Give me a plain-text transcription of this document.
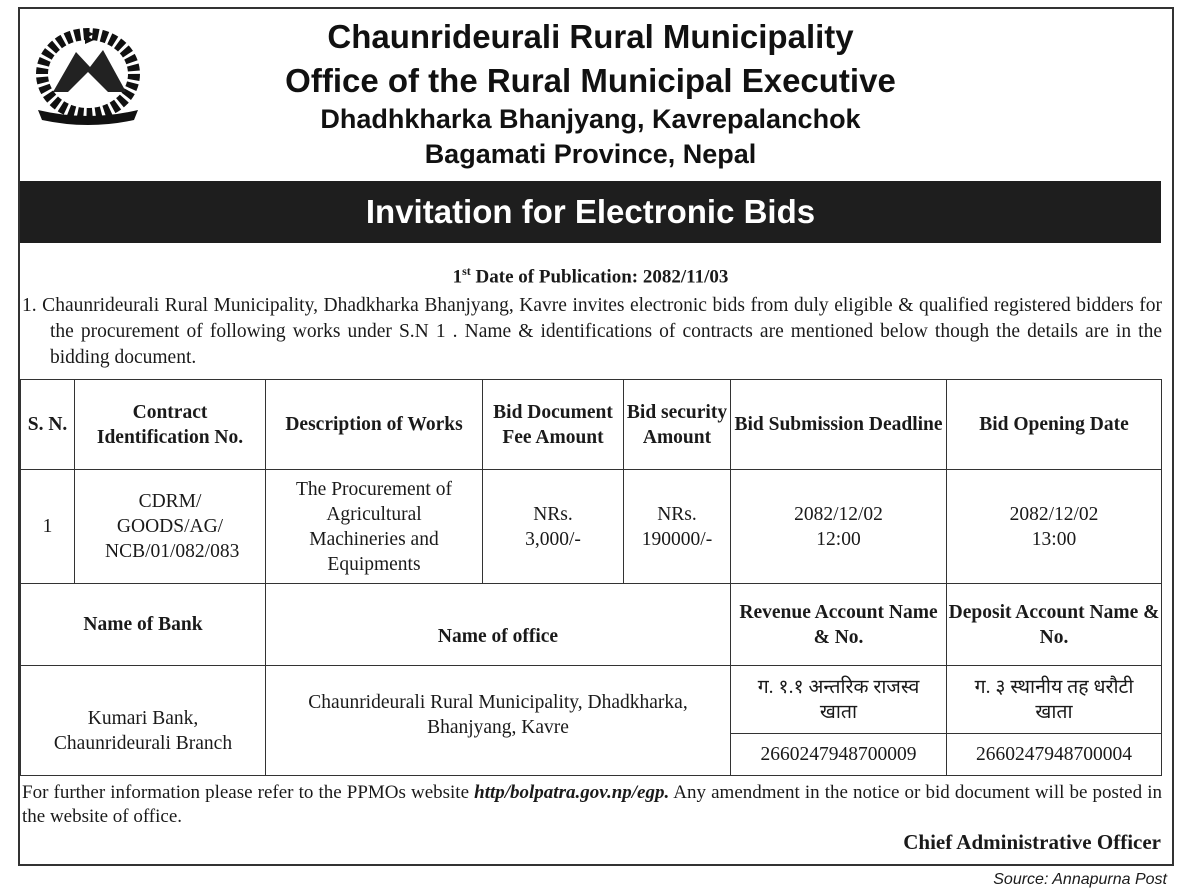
Chaunrideurali Rural Municipality
Office of the Rural Municipal Executive
Dhadhkharka Bhanjyang, Kavrepalanchok
Bagamati Province, Nepal
Invitation for Electronic Bids
1st Date of Publication: 2082/11/03
1. Chaunrideurali Rural Municipality, Dhadkharka Bhanjyang, Kavre invites electronic bids from duly eligible & qualified registered bidders for the procurement of following works under S.N 1 . Name & identifications of contracts are mentioned below though the details are in the bidding document.
S. N.	Contract Identification No.	Description of Works	Bid Document Fee Amount	Bid security Amount	Bid Submission Deadline	Bid Opening Date
1	CDRM/ GOODS/AG/ NCB/01/082/083	The Procurement of Agricultural Machineries and Equipments	NRs. 3,000/-	NRs. 190000/-	2082/12/02 12:00	2082/12/02 13:00
Name of Bank		Name of office			Revenue Account Name & No.	Deposit Account Name & No.
Kumari Bank, Chaunrideurali Branch		Chaunrideurali Rural Municipality, Dhadkharka, Bhanjyang, Kavre			ग. १.१ अन्तरिक राजस्व खाता	ग. ३ स्थानीय तह धरौटी खाता
					2660247948700009	2660247948700004
For further information please refer to the PPMOs website http/bolpatra.gov.np/egp. Any amendment in the notice or bid document will be posted in the website of office.
Chief Administrative Officer
Source: Annapurna Post
